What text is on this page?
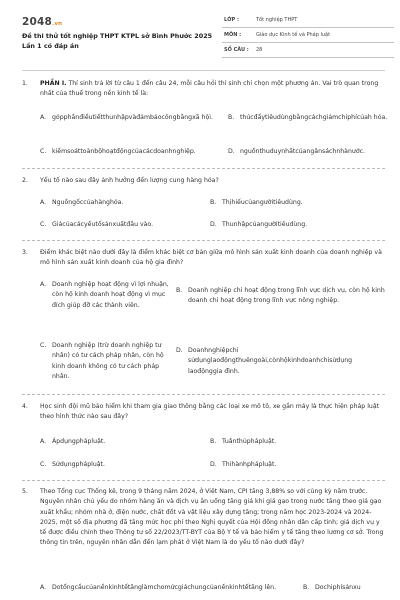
2048.vn
Đề thi thử tốt nghiệp THPT KTPL sở Bình Phước 2025 Lần 1 có đáp án
LỚP :	Tốt nghiệp THPT
MÔN :	Giáo dục Kinh tế và Pháp luật
SỐ CÂU : 28
1.	PHẦN I. Thí sinh trả lời từ câu 1 đến câu 24, mỗi câu hỏi thí sinh chỉ chọn một phương án. Vai trò quan trọng nhất của thuế trong nền kinh tế là:
A. gópphầnđiềutiếtthunhậpvàđảmbảocôngbằngxã hội.	B. thúcđẩytiêudùngbằngcáchgiảmchiphícủah hóa.
C. kiềmsoáttoànbộhoạtđộngcủacácdoanhnghiệp.	D. nguồnthuduynhấtcủangânsáchnhànước.
2.	Yếu tố nào sau đây ảnh hưởng đến lượng cung hàng hóa?
A. Nguồngốccủahànghóa.	B. Thịhiếucủangườitiêudùng.
C. Giácủacácyếutốsảnxuấtđầu vào.	D. Thunhậpcủangườitiêudùng.
3.	Điểm khác biệt nào dưới đây là điểm khác biệt cơ bản giữa mô hình sản xuất kinh doanh của doanh nghiệp và mô hình sản xuất kinh doanh của hộ gia đình?
A. Doanh nghiệp hoạt động vì lợi nhuận, còn hộ kinh doanh hoạt động vì mục đích giúp đỡ các thành viên.
B. Doanh nghiệp chỉ hoạt động trong lĩnh vực dịch vụ, còn hộ kinh doanh chỉ hoạt động trong lĩnh vực nông nghiệp.
C. Doanh nghiệp (trừ doanh nghiệp tư nhân) có tư cách pháp nhân, còn hộ kinh doanh không có tư cách pháp nhân.
D. Doanhnghiệpchỉ sửdụnglaođộngthuêngoài,cònhộkinhdoanhchỉsửdụng laođộnggia đình.
4.	Học sinh đội mũ bảo hiểm khi tham gia giao thông bằng các loại xe mô tô, xe gắn máy là thực hiện pháp luật theo hình thức nào sau đây?
A. Ápdụngphápluật.	B. Tuânthủphápluật.
C. Sửdụngphápluật.	D. Thihànhphápluật.
5.	Theo Tổng cục Thống kê, trong 9 tháng năm 2024, ở Việt Nam, CPI tăng 3,88% so với cùng kỳ năm trước. Nguyên nhân chủ yếu do nhóm hàng ăn và dịch vụ ăn uống tăng giá khi giá gạo trong nước tăng theo giá gạo xuất khẩu; nhóm nhà ở, điện nước, chất đốt và vật liệu xây dựng tăng; trong năm học 2023-2024 và 2024-2025, một số địa phương đã tăng mức học phí theo Nghị quyết của Hội đồng nhân dân cấp tỉnh; giá dịch vụ y tế được điều chỉnh theo Thông tư số 22/2023/TT-BYT của Bộ Y tế và bảo hiểm y tế tăng theo lương cơ sở. Trong thông tin trên, nguyên nhân dẫn đến lạm phát ở Việt Nam là do yếu tố nào dưới đây?
A. Dotổngcầucủanềnkinhtếtănglàmchomứcgiáchungcủanềnkinhtếtăng lên.	B. Dochiphísảnxu
